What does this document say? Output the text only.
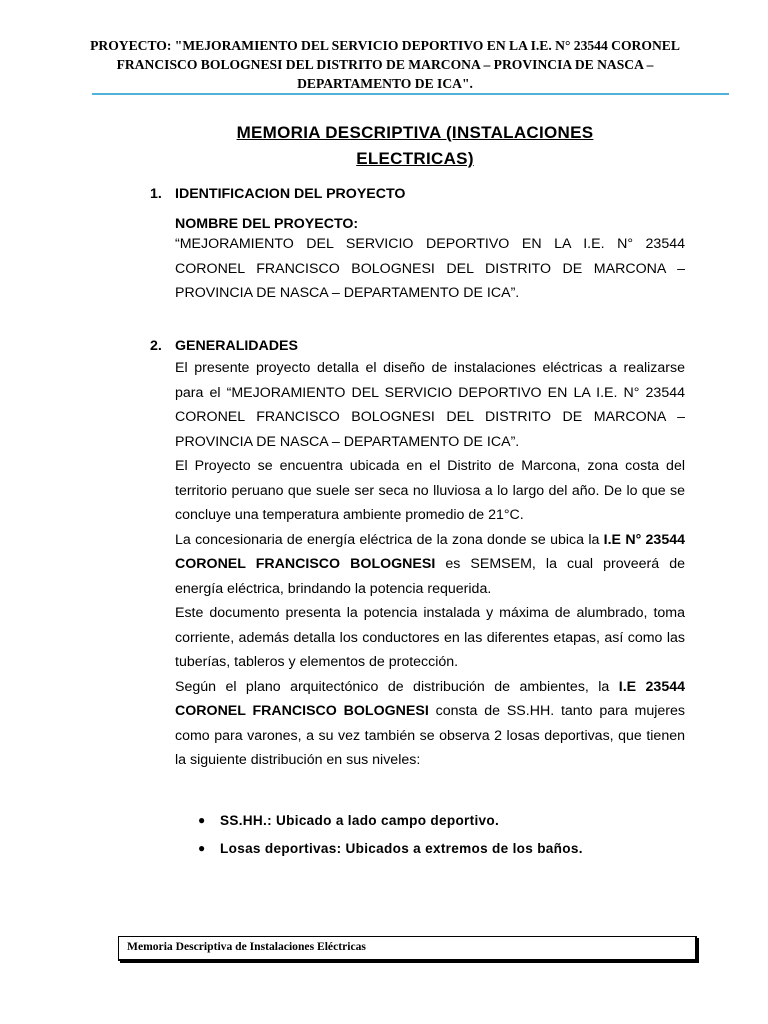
PROYECTO: "MEJORAMIENTO DEL SERVICIO DEPORTIVO EN LA I.E. N° 23544 CORONEL
FRANCISCO BOLOGNESI DEL DISTRITO DE MARCONA – PROVINCIA DE NASCA –
DEPARTAMENTO DE ICA".
MEMORIA DESCRIPTIVA (INSTALACIONES
ELECTRICAS)
1. IDENTIFICACION DEL PROYECTO
NOMBRE DEL PROYECTO:
“MEJORAMIENTO DEL SERVICIO DEPORTIVO EN LA I.E. N° 23544 CORONEL FRANCISCO BOLOGNESI DEL DISTRITO DE MARCONA – PROVINCIA DE NASCA – DEPARTAMENTO DE ICA”.
2. GENERALIDADES
El presente proyecto detalla el diseño de instalaciones eléctricas a realizarse para el “MEJORAMIENTO DEL SERVICIO DEPORTIVO EN LA I.E. N° 23544 CORONEL FRANCISCO BOLOGNESI DEL DISTRITO DE MARCONA – PROVINCIA DE NASCA – DEPARTAMENTO DE ICA”.
El Proyecto se encuentra ubicada en el Distrito de Marcona, zona costa del territorio peruano que suele ser seca no lluviosa a lo largo del año. De lo que se concluye una temperatura ambiente promedio de 21°C.
La concesionaria de energía eléctrica de la zona donde se ubica la I.E N° 23544 CORONEL FRANCISCO BOLOGNESI es SEMSEM, la cual proveerá de energía eléctrica, brindando la potencia requerida.
Este documento presenta la potencia instalada y máxima de alumbrado, toma corriente, además detalla los conductores en las diferentes etapas, así como las tuberías, tableros y elementos de protección.
Según el plano arquitectónico de distribución de ambientes, la I.E 23544 CORONEL FRANCISCO BOLOGNESI consta de SS.HH. tanto para mujeres como para varones, a su vez también se observa 2 losas deportivas, que tienen la siguiente distribución en sus niveles:
●	SS.HH.: Ubicado a lado campo deportivo.
●	Losas deportivas: Ubicados a extremos de los baños.
Memoria Descriptiva de Instalaciones Eléctricas
